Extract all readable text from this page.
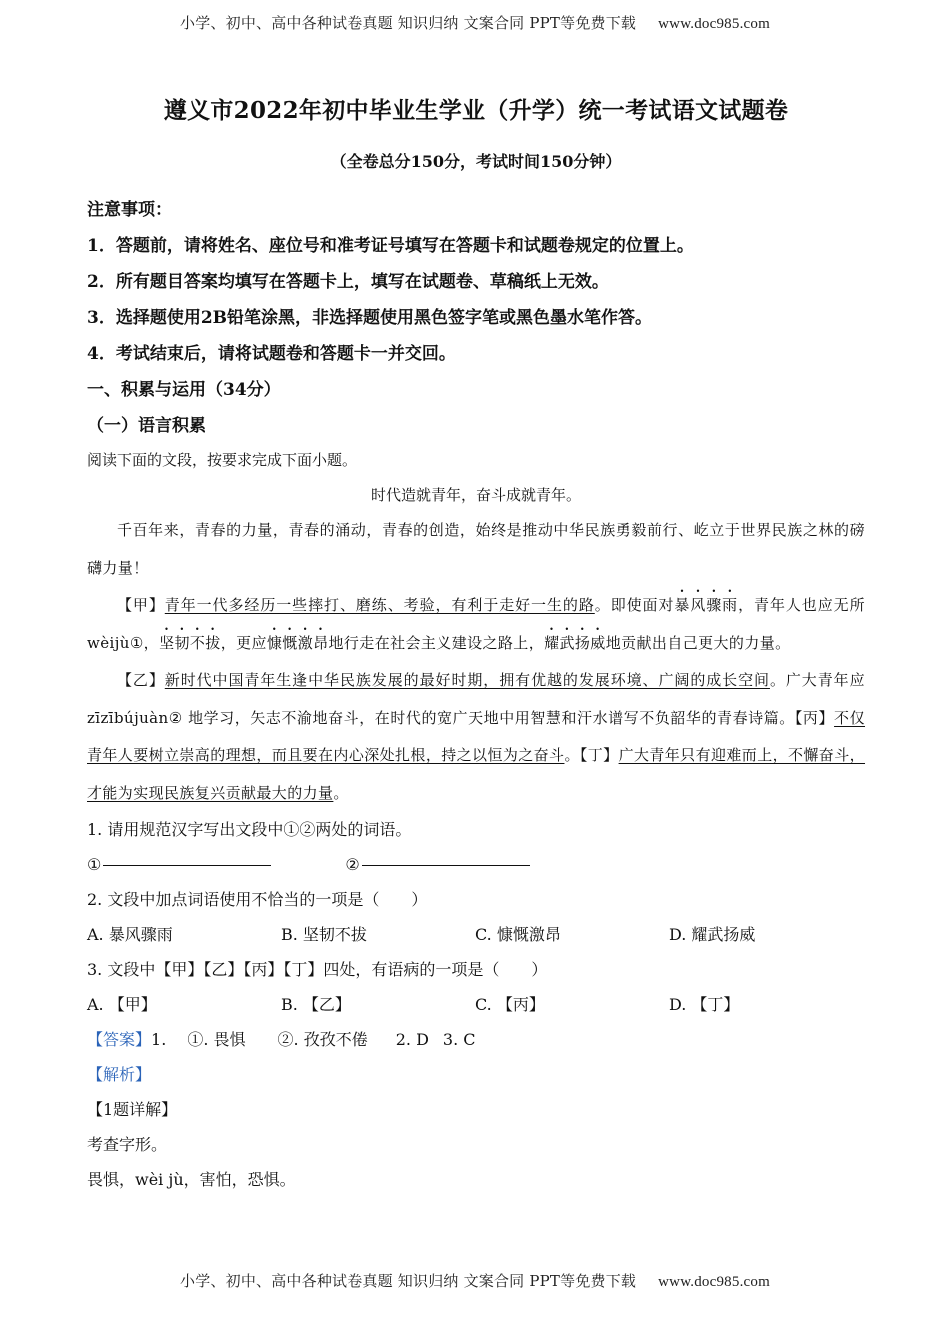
小学、初中、高中各种试卷真题 知识归纳 文案合同 PPT等免费下载 www.doc985.com
遵义市2022年初中毕业生学业（升学）统一考试语文试题卷
（全卷总分150分，考试时间150分钟）
注意事项：
1．答题前，请将姓名、座位号和准考证号填写在答题卡和试题卷规定的位置上。
2．所有题目答案均填写在答题卡上，填写在试题卷、草稿纸上无效。
3．选择题使用2B铅笔涂黑，非选择题使用黑色签字笔或黑色墨水笔作答。
4．考试结束后，请将试题卷和答题卡一并交回。
一、积累与运用（34分）
（一）语言积累
阅读下面的文段，按要求完成下面小题。
时代造就青年，奋斗成就青年。
千百年来，青春的力量，青春的涌动，青春的创造，始终是推动中华民族勇毅前行、屹立于世界民族之林的磅礴力量！
【甲】青年一代多经历一些摔打、磨练、考验，有利于走好一生的路。即使面对暴风骤雨，青年人也应无所 wèijù①，坚韧不拔，更应慷慨激昂地行走在社会主义建设之路上，耀武扬威地贡献出自己更大的力量。
【乙】新时代中国青年生逢中华民族发展的最好时期，拥有优越的发展环境、广阔的成长空间。广大青年应 zīzībújuàn② 地学习，矢志不渝地奋斗，在时代的宽广天地中用智慧和汗水谱写不负韶华的青春诗篇。【丙】不仅青年人要树立崇高的理想，而且要在内心深处扎根，持之以恒为之奋斗。【丁】广大青年只有迎难而上，不懈奋斗，才能为实现民族复兴贡献最大的力量。
1. 请用规范汉字写出文段中①②两处的词语。
①	②
2. 文段中加点词语使用不恰当的一项是（　　）
A. 暴风骤雨	B. 坚韧不拔	C. 慷慨激昂	D. 耀武扬威
3. 文段中【甲】【乙】【丙】【丁】四处，有语病的一项是（　　）
A. 【甲】	B. 【乙】	C. 【丙】	D. 【丁】
【答案】1.　 ①. 畏惧　　②. 孜孜不倦 2. D 3. C
【解析】
【1题详解】
考查字形。
畏惧，wèi jù，害怕，恐惧。
小学、初中、高中各种试卷真题 知识归纳 文案合同 PPT等免费下载 www.doc985.com
